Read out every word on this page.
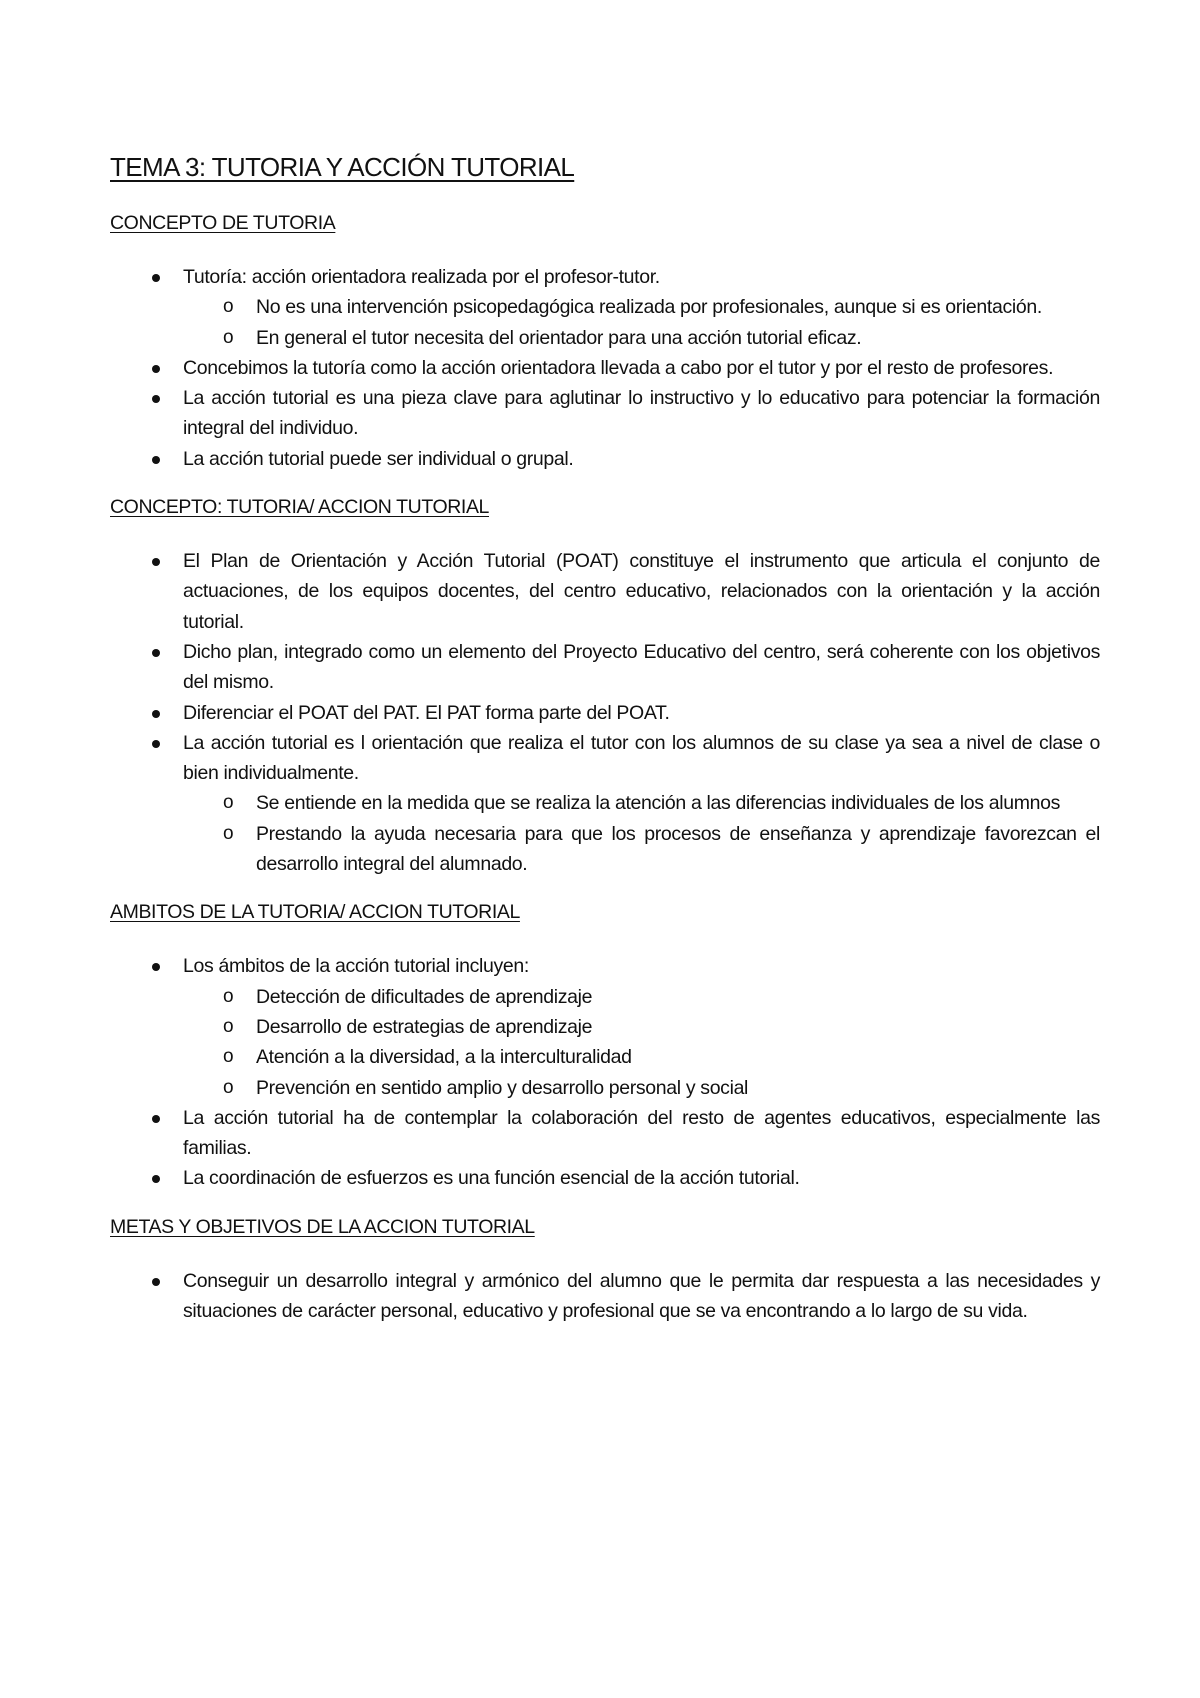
TEMA 3: TUTORIA Y ACCIÓN TUTORIAL
CONCEPTO DE TUTORIA
Tutoría: acción orientadora realizada por el profesor-tutor.
o No es una intervención psicopedagógica realizada por profesionales, aunque si es orientación.
o En general el tutor necesita del orientador para una acción tutorial eficaz.
Concebimos la tutoría como la acción orientadora llevada a cabo por el tutor y por el resto de profesores.
La acción tutorial es una pieza clave para aglutinar lo instructivo y lo educativo para potenciar la formación integral del individuo.
La acción tutorial puede ser individual o grupal.
CONCEPTO: TUTORIA/ ACCION TUTORIAL
El Plan de Orientación y Acción Tutorial (POAT) constituye el instrumento que articula el conjunto de actuaciones, de los equipos docentes, del centro educativo, relacionados con la orientación y la acción tutorial.
Dicho plan, integrado como un elemento del Proyecto Educativo del centro, será coherente con los objetivos del mismo.
Diferenciar el POAT del PAT. El PAT forma parte del POAT.
La acción tutorial es l orientación que realiza el tutor con los alumnos de su clase ya sea a nivel de clase o bien individualmente.
o Se entiende en la medida que se realiza la atención a las diferencias individuales de los alumnos
o Prestando la ayuda necesaria para que los procesos de enseñanza y aprendizaje favorezcan el desarrollo integral del alumnado.
AMBITOS DE LA TUTORIA/ ACCION TUTORIAL
Los ámbitos de la acción tutorial incluyen:
o Detección de dificultades de aprendizaje
o Desarrollo de estrategias de aprendizaje
o Atención a la diversidad, a la interculturalidad
o Prevención en sentido amplio y desarrollo personal y social
La acción tutorial ha de contemplar la colaboración del resto de agentes educativos, especialmente las familias.
La coordinación de esfuerzos es una función esencial de la acción tutorial.
METAS Y OBJETIVOS DE LA ACCION TUTORIAL
Conseguir un desarrollo integral y armónico del alumno que le permita dar respuesta a las necesidades y situaciones de carácter personal, educativo y profesional que se va encontrando a lo largo de su vida.
